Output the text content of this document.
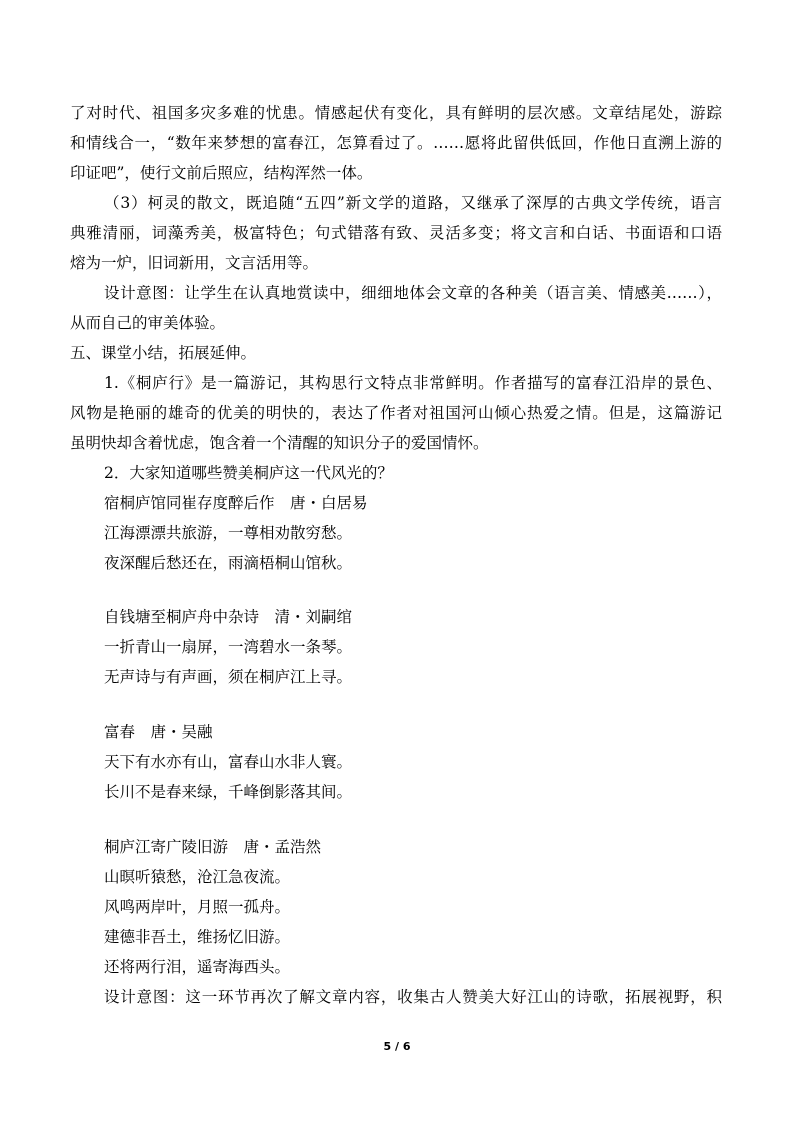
了对时代、祖国多灾多难的忧患。情感起伏有变化，具有鲜明的层次感。文章结尾处，游踪
和情线合一，“数年来梦想的富春江，怎算看过了。……愿将此留供低回，作他日直溯上游的
印证吧”，使行文前后照应，结构浑然一体。
（3）柯灵的散文，既追随“五四”新文学的道路，又继承了深厚的古典文学传统，语言
典雅清丽，词藻秀美，极富特色；句式错落有致、灵活多变；将文言和白话、书面语和口语
熔为一炉，旧词新用，文言活用等。
设计意图：让学生在认真地赏读中，细细地体会文章的各种美（语言美、情感美……），
从而自己的审美体验。
五、课堂小结，拓展延伸。
1.《桐庐行》是一篇游记，其构思行文特点非常鲜明。作者描写的富春江沿岸的景色、
风物是艳丽的雄奇的优美的明快的，表达了作者对祖国河山倾心热爱之情。但是，这篇游记
虽明快却含着忧虑，饱含着一个清醒的知识分子的爱国情怀。
2．大家知道哪些赞美桐庐这一代风光的？
宿桐庐馆同崔存度醉后作　唐・白居易
江海漂漂共旅游，一尊相劝散穷愁。
夜深醒后愁还在，雨滴梧桐山馆秋。
自钱塘至桐庐舟中杂诗　清・刘嗣绾
一折青山一扇屏，一湾碧水一条琴。
无声诗与有声画，须在桐庐江上寻。
富春　唐・吴融
天下有水亦有山，富春山水非人寰。
长川不是春来绿，千峰倒影落其间。
桐庐江寄广陵旧游　唐・孟浩然
山暝听猿愁，沧江急夜流。
风鸣两岸叶，月照一孤舟。
建德非吾土，维扬忆旧游。
还将两行泪，遥寄海西头。
设计意图：这一环节再次了解文章内容，收集古人赞美大好江山的诗歌，拓展视野，积
5 / 6
